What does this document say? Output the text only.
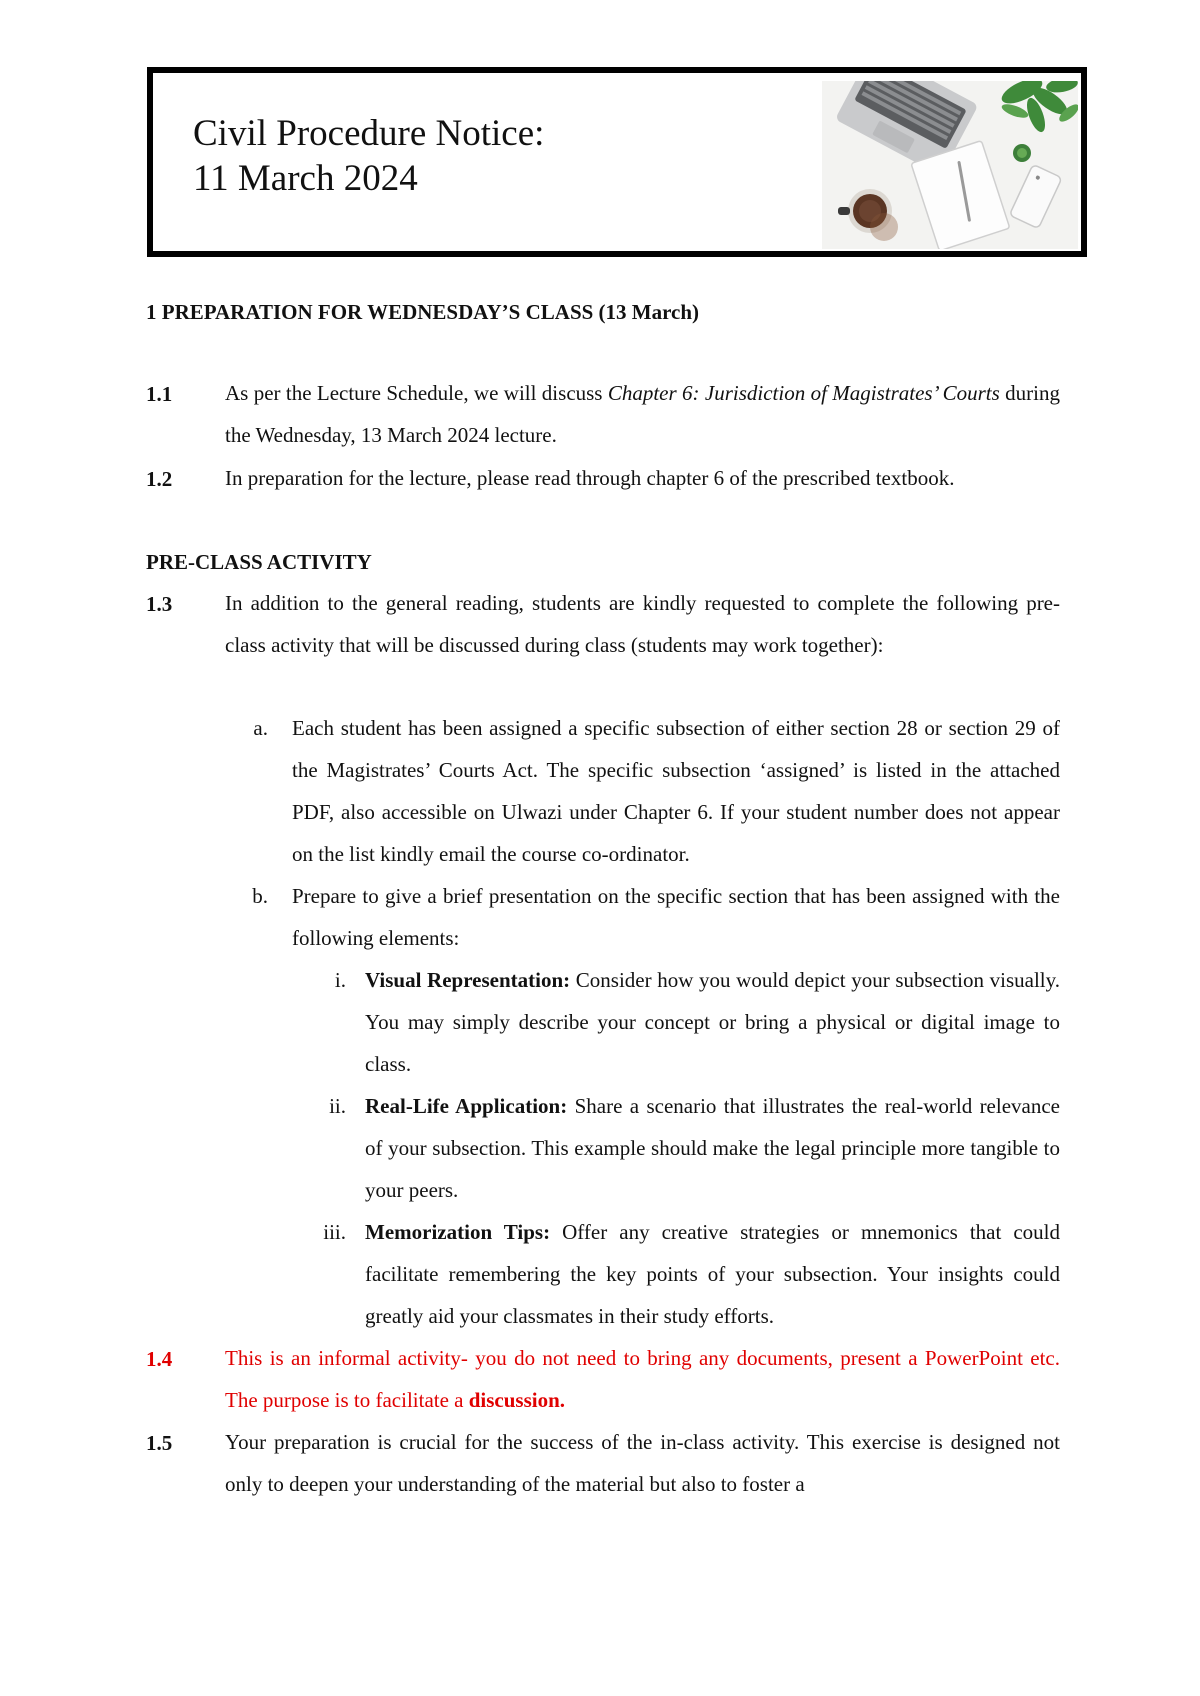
Civil Procedure Notice:
11 March 2024
1 PREPARATION FOR WEDNESDAY’S CLASS (13 March)
1.1	As per the Lecture Schedule, we will discuss Chapter 6: Jurisdiction of Magistrates’ Courts during the Wednesday, 13 March 2024 lecture.
1.2	In preparation for the lecture, please read through chapter 6 of the prescribed textbook.
PRE-CLASS ACTIVITY
1.3	In addition to the general reading, students are kindly requested to complete the following pre-class activity that will be discussed during class (students may work together):
a. Each student has been assigned a specific subsection of either section 28 or section 29 of the Magistrates’ Courts Act. The specific subsection ‘assigned’ is listed in the attached PDF, also accessible on Ulwazi under Chapter 6. If your student number does not appear on the list kindly email the course co-ordinator.
b. Prepare to give a brief presentation on the specific section that has been assigned with the following elements:
i. Visual Representation: Consider how you would depict your subsection visually. You may simply describe your concept or bring a physical or digital image to class.
ii. Real-Life Application: Share a scenario that illustrates the real-world relevance of your subsection. This example should make the legal principle more tangible to your peers.
iii. Memorization Tips: Offer any creative strategies or mnemonics that could facilitate remembering the key points of your subsection. Your insights could greatly aid your classmates in their study efforts.
1.4	This is an informal activity- you do not need to bring any documents, present a PowerPoint etc. The purpose is to facilitate a discussion.
1.5	Your preparation is crucial for the success of the in-class activity. This exercise is designed not only to deepen your understanding of the material but also to foster a
